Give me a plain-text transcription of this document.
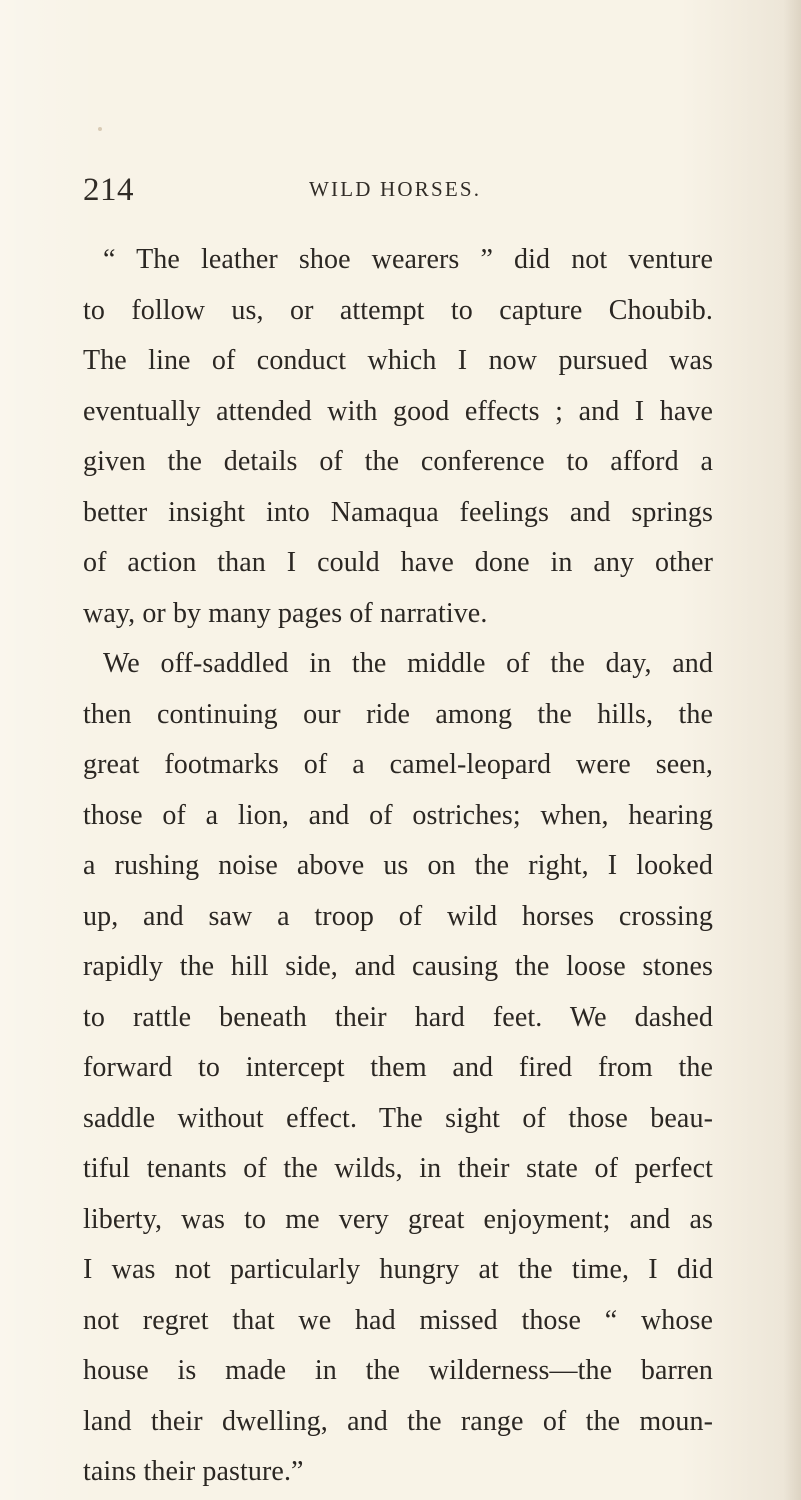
214	WILD HORSES.
“ The leather shoe wearers ” did not venture
to follow us, or attempt to capture Choubib.
The line of conduct which I now pursued was
eventually attended with good effects ; and I have
given the details of the conference to afford a
better insight into Namaqua feelings and springs
of action than I could have done in any other
way, or by many pages of narrative.
We off-saddled in the middle of the day, and
then continuing our ride among the hills, the
great footmarks of a camel-leopard were seen,
those of a lion, and of ostriches; when, hearing
a rushing noise above us on the right, I looked
up, and saw a troop of wild horses crossing
rapidly the hill side, and causing the loose stones
to rattle beneath their hard feet. We dashed
forward to intercept them and fired from the
saddle without effect. The sight of those beau-
tiful tenants of the wilds, in their state of perfect
liberty, was to me very great enjoyment; and as
I was not particularly hungry at the time, I did
not regret that we had missed those “ whose
house is made in the wilderness—the barren
land their dwelling, and the range of the moun-
tains their pasture.”
